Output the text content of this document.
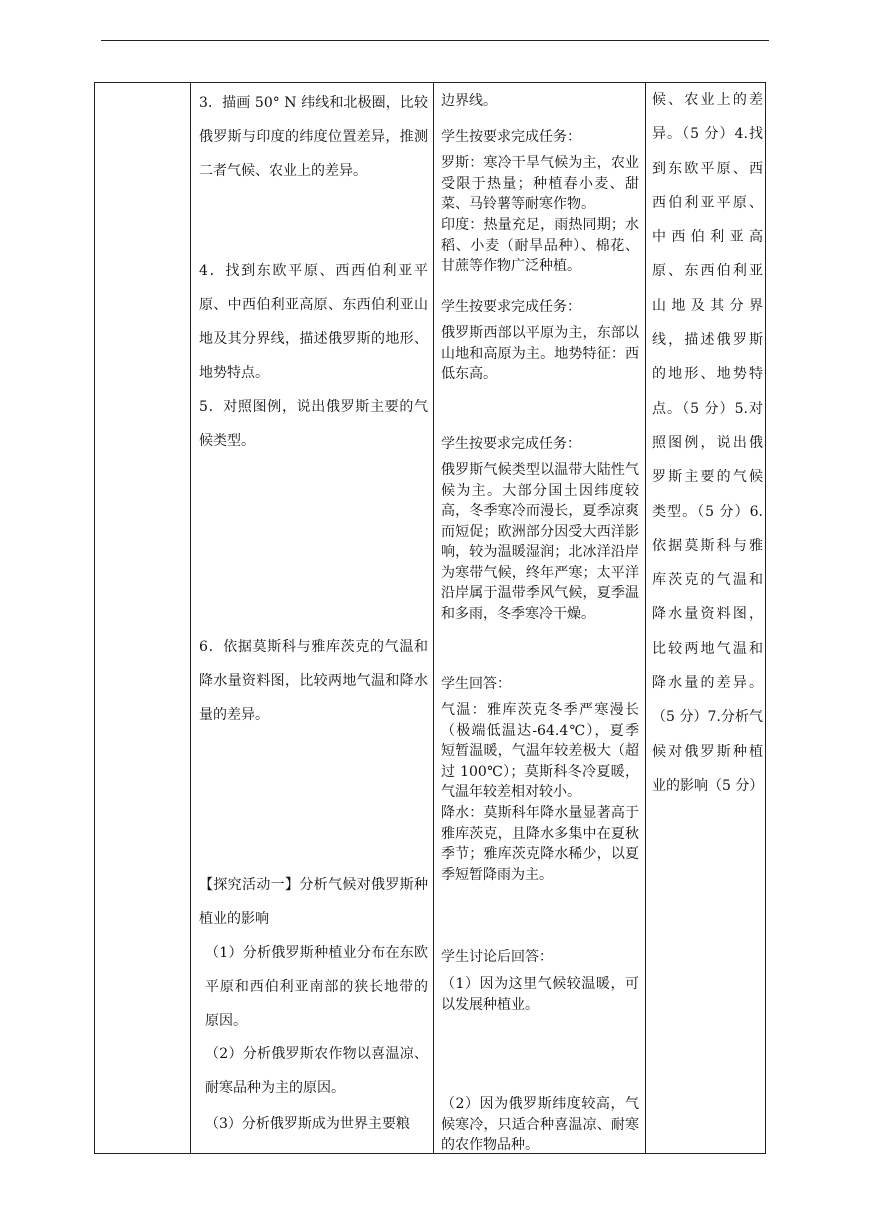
3．描画 50° N 纬线和北极圈，比较俄罗斯与印度的纬度位置差异，推测二者气候、农业上的差异。

4．找到东欧平原、西西伯利亚平原、中西伯利亚高原、东西伯利亚山地及其分界线，描述俄罗斯的地形、地势特点。

5．对照图例，说出俄罗斯主要的气候类型。

6．依据莫斯科与雅库茨克的气温和降水量资料图，比较两地气温和降水量的差异。

【探究活动一】分析气候对俄罗斯种植业的影响

（1）分析俄罗斯种植业分布在东欧平原和西伯利亚南部的狭长地带的原因。

（2）分析俄罗斯农作物以喜温凉、耐寒品种为主的原因。

（3）分析俄罗斯成为世界主要粮

边界线。

学生按要求完成任务：

罗斯：寒冷干旱气候为主，农业受限于热量；种植春小麦、甜菜、马铃薯等耐寒作物。

印度：热量充足，雨热同期；水稻、小麦（耐旱品种）、棉花、甘蔗等作物广泛种植。

学生按要求完成任务：

俄罗斯西部以平原为主，东部以山地和高原为主。地势特征：西低东高。

学生按要求完成任务：

俄罗斯气候类型以温带大陆性气候为主。大部分国土因纬度较高，冬季寒冷而漫长，夏季凉爽而短促；欧洲部分因受大西洋影响，较为温暖湿润；北冰洋沿岸为寒带气候，终年严寒；太平洋沿岸属于温带季风气候，夏季温和多雨，冬季寒冷干燥。

学生回答：

气温：雅库茨克冬季严寒漫长（极端低温达-64.4℃），夏季短暂温暖，气温年较差极大（超过 100℃）；莫斯科冬冷夏暖，气温年较差相对较小。

降水：莫斯科年降水量显著高于雅库茨克，且降水多集中在夏秋季节；雅库茨克降水稀少，以夏季短暂降雨为主。

学生讨论后回答：

（1）因为这里气候较温暖，可以发展种植业。

（2）因为俄罗斯纬度较高，气候寒冷，只适合种喜温凉、耐寒的农作物品种。

候、农业上的差异。（5 分）4.找到东欧平原、西西伯利亚平原、中西伯利亚高原、东西伯利亚山地及其分界线，描述俄罗斯的地形、地势特点。（5 分）5.对照图例，说出俄罗斯主要的气候类型。（5 分）6.依据莫斯科与雅库茨克的气温和降水量资料图，比较两地气温和降水量的差异。（5 分）7.分析气候对俄罗斯种植业的影响（5 分）
